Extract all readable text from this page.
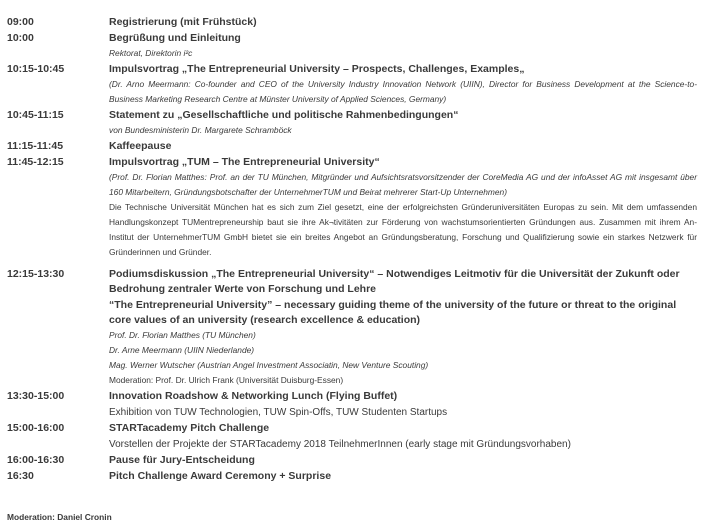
09:00	Registrierung (mit Frühstück)
10:00	Begrüßung und Einleitung
Rektorat, Direktorin i²c
10:15-10:45	Impulsvortrag „The Entrepreneurial University – Prospects, Challenges, Examples„
(Dr. Arno Meermann: Co-founder and CEO of the University Industry Innovation Network (UIIN), Director for Business Development at the Science-to-Business Marketing Research Centre at Münster University of Applied Sciences, Germany)
10:45-11:15	Statement zu „Gesellschaftliche und politische Rahmenbedingungen“
von Bundesministerin Dr. Margarete Schramböck
11:15-11:45	Kaffeepause
11:45-12:15	Impulsvortrag „TUM – The Entrepreneurial University“
(Prof. Dr. Florian Matthes: Prof. an der TU München, Mitgründer und Aufsichtsratsvorsitzender der CoreMedia AG und der infoAsset AG mit insgesamt über 160 Mitarbeitern, Gründungsbotschafter der UnternehmerTUM und Beirat mehrerer Start-Up Unternehmen)
Die Technische Universität München hat es sich zum Ziel gesetzt, eine der erfolgreichsten Gründeruniversitäten Europas zu sein. Mit dem umfassenden Handlungskonzept TUMentrepreneurship baut sie ihre Ak¬tivitäten zur Förderung von wachstumsorientierten Gründungen aus. Zusammen mit ihrem An-Institut der UnternehmerTUM GmbH bietet sie ein breites Angebot an Gründungsberatung, Forschung und Qualifizierung sowie ein starkes Netzwerk für Gründerinnen und Gründer.
12:15-13:30	Podiumsdiskussion „The Entrepreneurial University“ – Notwendiges Leitmotiv für die Universität der Zukunft oder Bedrohung zentraler Werte von Forschung und Lehre
“The Entrepreneurial University” – necessary guiding theme of the university of the future or threat to the original core values of an university (research excellence & education)
Prof. Dr. Florian Matthes (TU München)
Dr. Arne Meermann (UIIN Niederlande)
Mag. Werner Wutscher (Austrian Angel Investment Associatin, New Venture Scouting)
Moderation: Prof. Dr. Ulrich Frank (Universität Duisburg-Essen)
13:30-15:00	Innovation Roadshow & Networking Lunch (Flying Buffet)
Exhibition von TUW Technologien, TUW Spin-Offs, TUW Studenten Startups
15:00-16:00	STARTacademy Pitch Challenge
Vorstellen der Projekte der STARTacademy 2018 TeilnehmerInnen (early stage mit Gründungsvorhaben)
16:00-16:30	Pause für Jury-Entscheidung
16:30	Pitch Challenge Award Ceremony + Surprise
Moderation: Daniel Cronin
